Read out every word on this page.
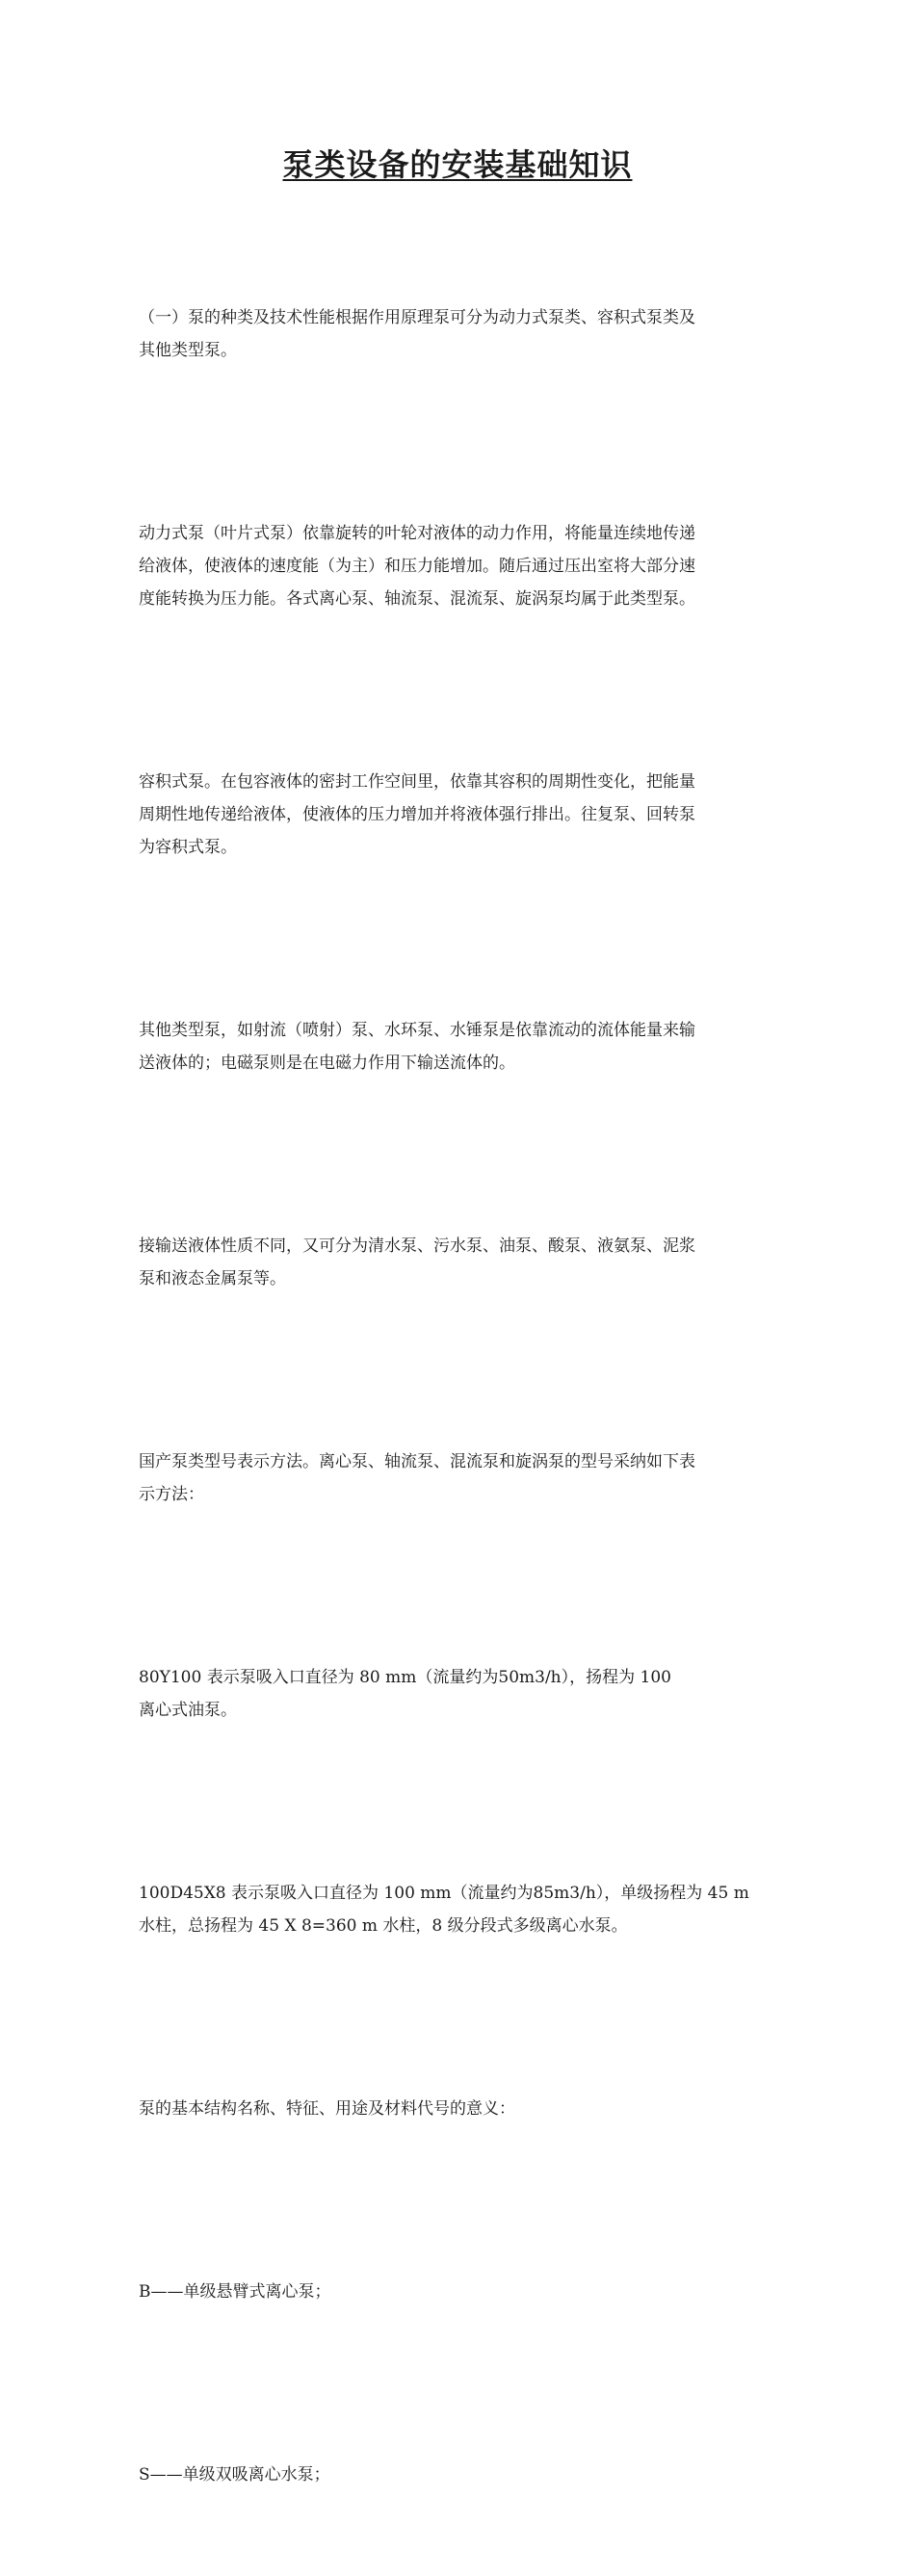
泵类设备的安装基础知识

（一）泵的种类及技术性能根据作用原理泵可分为动力式泵类、容积式泵类及
其他类型泵。

动力式泵（叶片式泵）依靠旋转的叶轮对液体的动力作用，将能量连续地传递
给液体，使液体的速度能（为主）和压力能增加。随后通过压出室将大部分速
度能转换为压力能。各式离心泵、轴流泵、混流泵、旋涡泵均属于此类型泵。

容积式泵。在包容液体的密封工作空间里，依靠其容积的周期性变化，把能量
周期性地传递给液体，使液体的压力增加并将液体强行排出。往复泵、回转泵
为容积式泵。

其他类型泵，如射流（喷射）泵、水环泵、水锤泵是依靠流动的流体能量来输
送液体的；电磁泵则是在电磁力作用下输送流体的。

接输送液体性质不同，又可分为清水泵、污水泵、油泵、酸泵、液氨泵、泥浆
泵和液态金属泵等。

国产泵类型号表示方法。离心泵、轴流泵、混流泵和旋涡泵的型号采纳如下表
示方法：

80Y100 表示泵吸入口直径为 80 mm（流量约为50m3/h），扬程为 100
离心式油泵。

100D45X8 表示泵吸入口直径为 100 mm（流量约为85m3/h），单级扬程为 45 m
水柱，总扬程为 45 X 8=360 m 水柱，8 级分段式多级离心水泵。

泵的基本结构名称、特征、用途及材料代号的意义：

B——单级悬臂式离心泵；

S——单级双吸离心水泵；
